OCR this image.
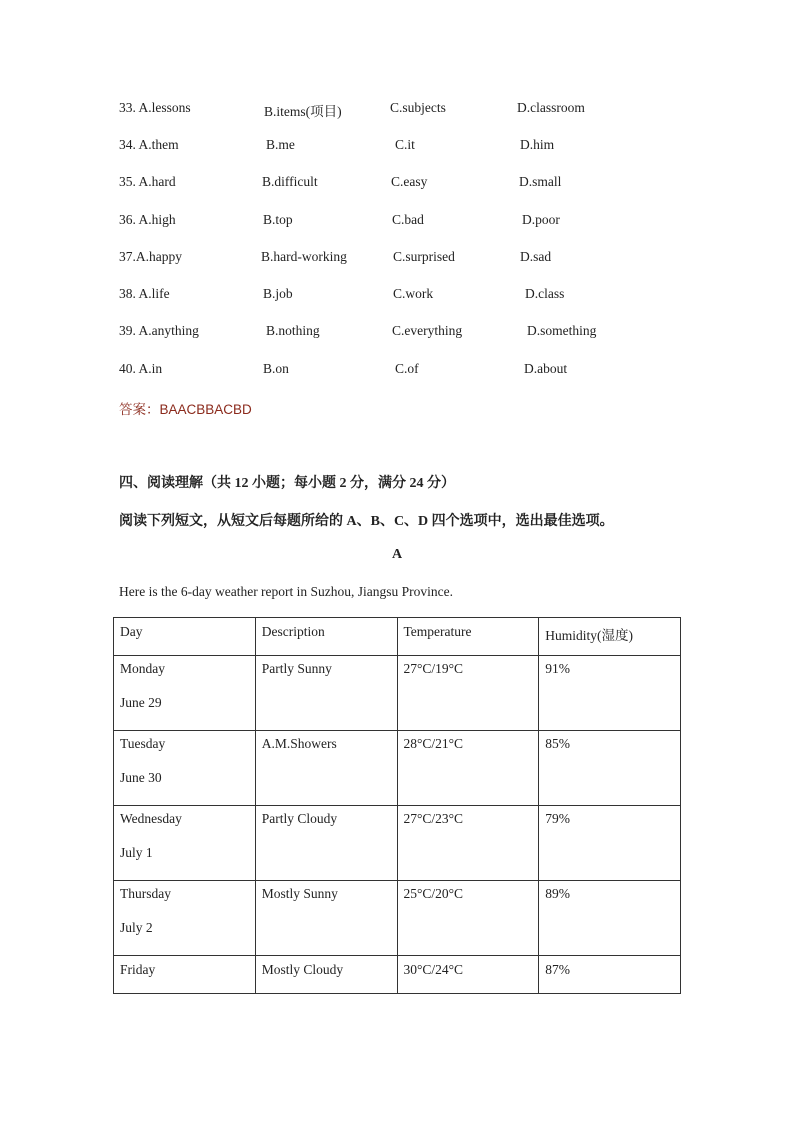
33. A.lessons	B.items(项目)	C.subjects	D.classroom
34. A.them	B.me	C.it	D.him
35. A.hard	B.difficult	C.easy	D.small
36. A.high	B.top	C.bad	D.poor
37.A.happy	B.hard-working	C.surprised	D.sad
38. A.life	B.job	C.work	D.class
39. A.anything	B.nothing	C.everything	D.something
40. A.in	B.on	C.of	D.about
答案：BAACBBACBD
四、阅读理解（共 12 小题；每小题 2 分，满分 24 分）
阅读下列短文，从短文后每题所给的 A、B、C、D 四个选项中，选出最佳选项。
A
Here is the 6-day weather report in Suzhou, Jiangsu Province.
Day	Description	Temperature	Humidity(湿度)
Monday
June 29	Partly Sunny	27°C/19°C	91%
Tuesday
June 30	A.M.Showers	28°C/21°C	85%
Wednesday
July 1	Partly Cloudy	27°C/23°C	79%
Thursday
July 2	Mostly Sunny	25°C/20°C	89%
Friday	Mostly Cloudy	30°C/24°C	87%
